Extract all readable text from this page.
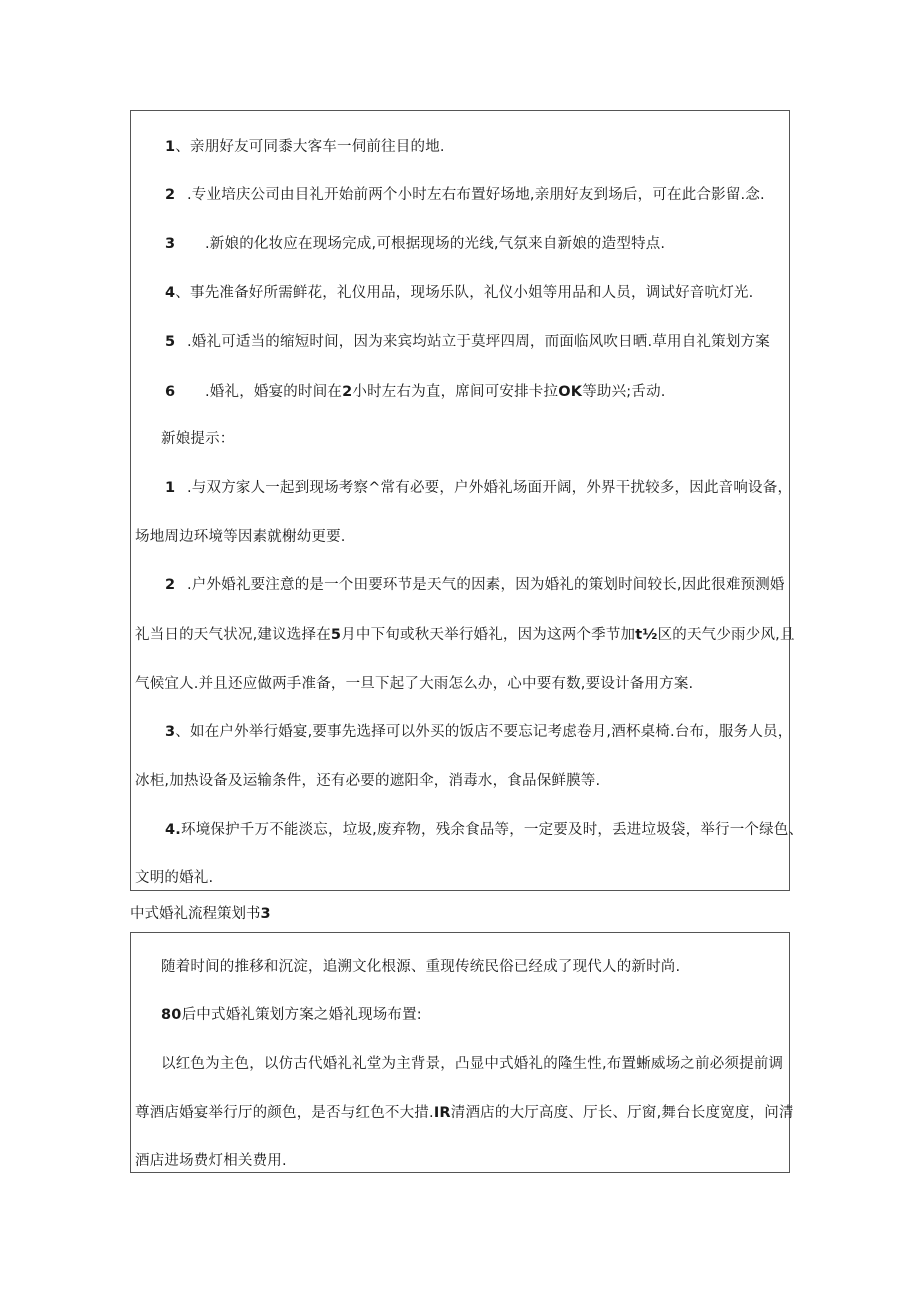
1、亲朋好友可同黍大客车一伺前往目的地.
2 .专业培庆公司由目礼开始前两个小时左右布置好场地,亲朋好友到场后，可在此合影留.念.
3 .新娘的化妆应在现场完成,可根据现场的光线,气氛来自新娘的造型特点.
4、事先准备好所需鲜花，礼仪用品，现场乐队，礼仪小姐等用品和人员，调试好音吭灯光.
5 .婚礼可适当的缩短时间，因为来宾均站立于莫坪四周，而面临风吹日晒.草用自礼策划方案
6 .婚礼，婚宴的时间在2小时左右为直，席间可安排卡拉OK等助兴;舌动.
新娘提示：
1 .与双方家人一起到现场考察^常有必要，户外婚礼场面开阔，外界干扰较多，因此音响设备，
场地周边环境等因素就榭幼更要.
2 .户外婚礼要注意的是一个田要环节是天气的因素，因为婚礼的策划时间较长,因此很难预测婚
礼当日的天气状况,建议选择在5月中下旬或秋天举行婚礼，因为这两个季节加t½区的天气少雨少风,且
气候宜人.并且还应做两手准备，一旦下起了大雨怎么办，心中要有数,要设计备用方案.
3、如在户外举行婚宴,要事先选择可以外买的饭店不要忘记考虑卷月,酒杯桌椅.台布，服务人员，
冰柜,加热设备及运输条件，还有必要的遮阳伞，消毒水，食品保鲜膜等.
4.环境保护千万不能淡忘，垃圾,废弃物，残余食品等，一定要及时，丢进垃圾袋，举行一个绿色、
文明的婚礼.
中式婚礼流程策划书3
随着时间的推移和沉淀，追溯文化根源、重现传统民俗已经成了现代人的新时尚.
80后中式婚礼策划方案之婚礼现场布置:
以红色为主色，以仿古代婚礼礼堂为主背景，凸显中式婚礼的隆生性,布置蜥威场之前必须提前调
尊酒店婚宴举行厅的颜色，是否与红色不大措.IR清酒店的大厅高度、厅长、厅窗,舞台长度宽度，问清
酒店进场费灯相关费用.
